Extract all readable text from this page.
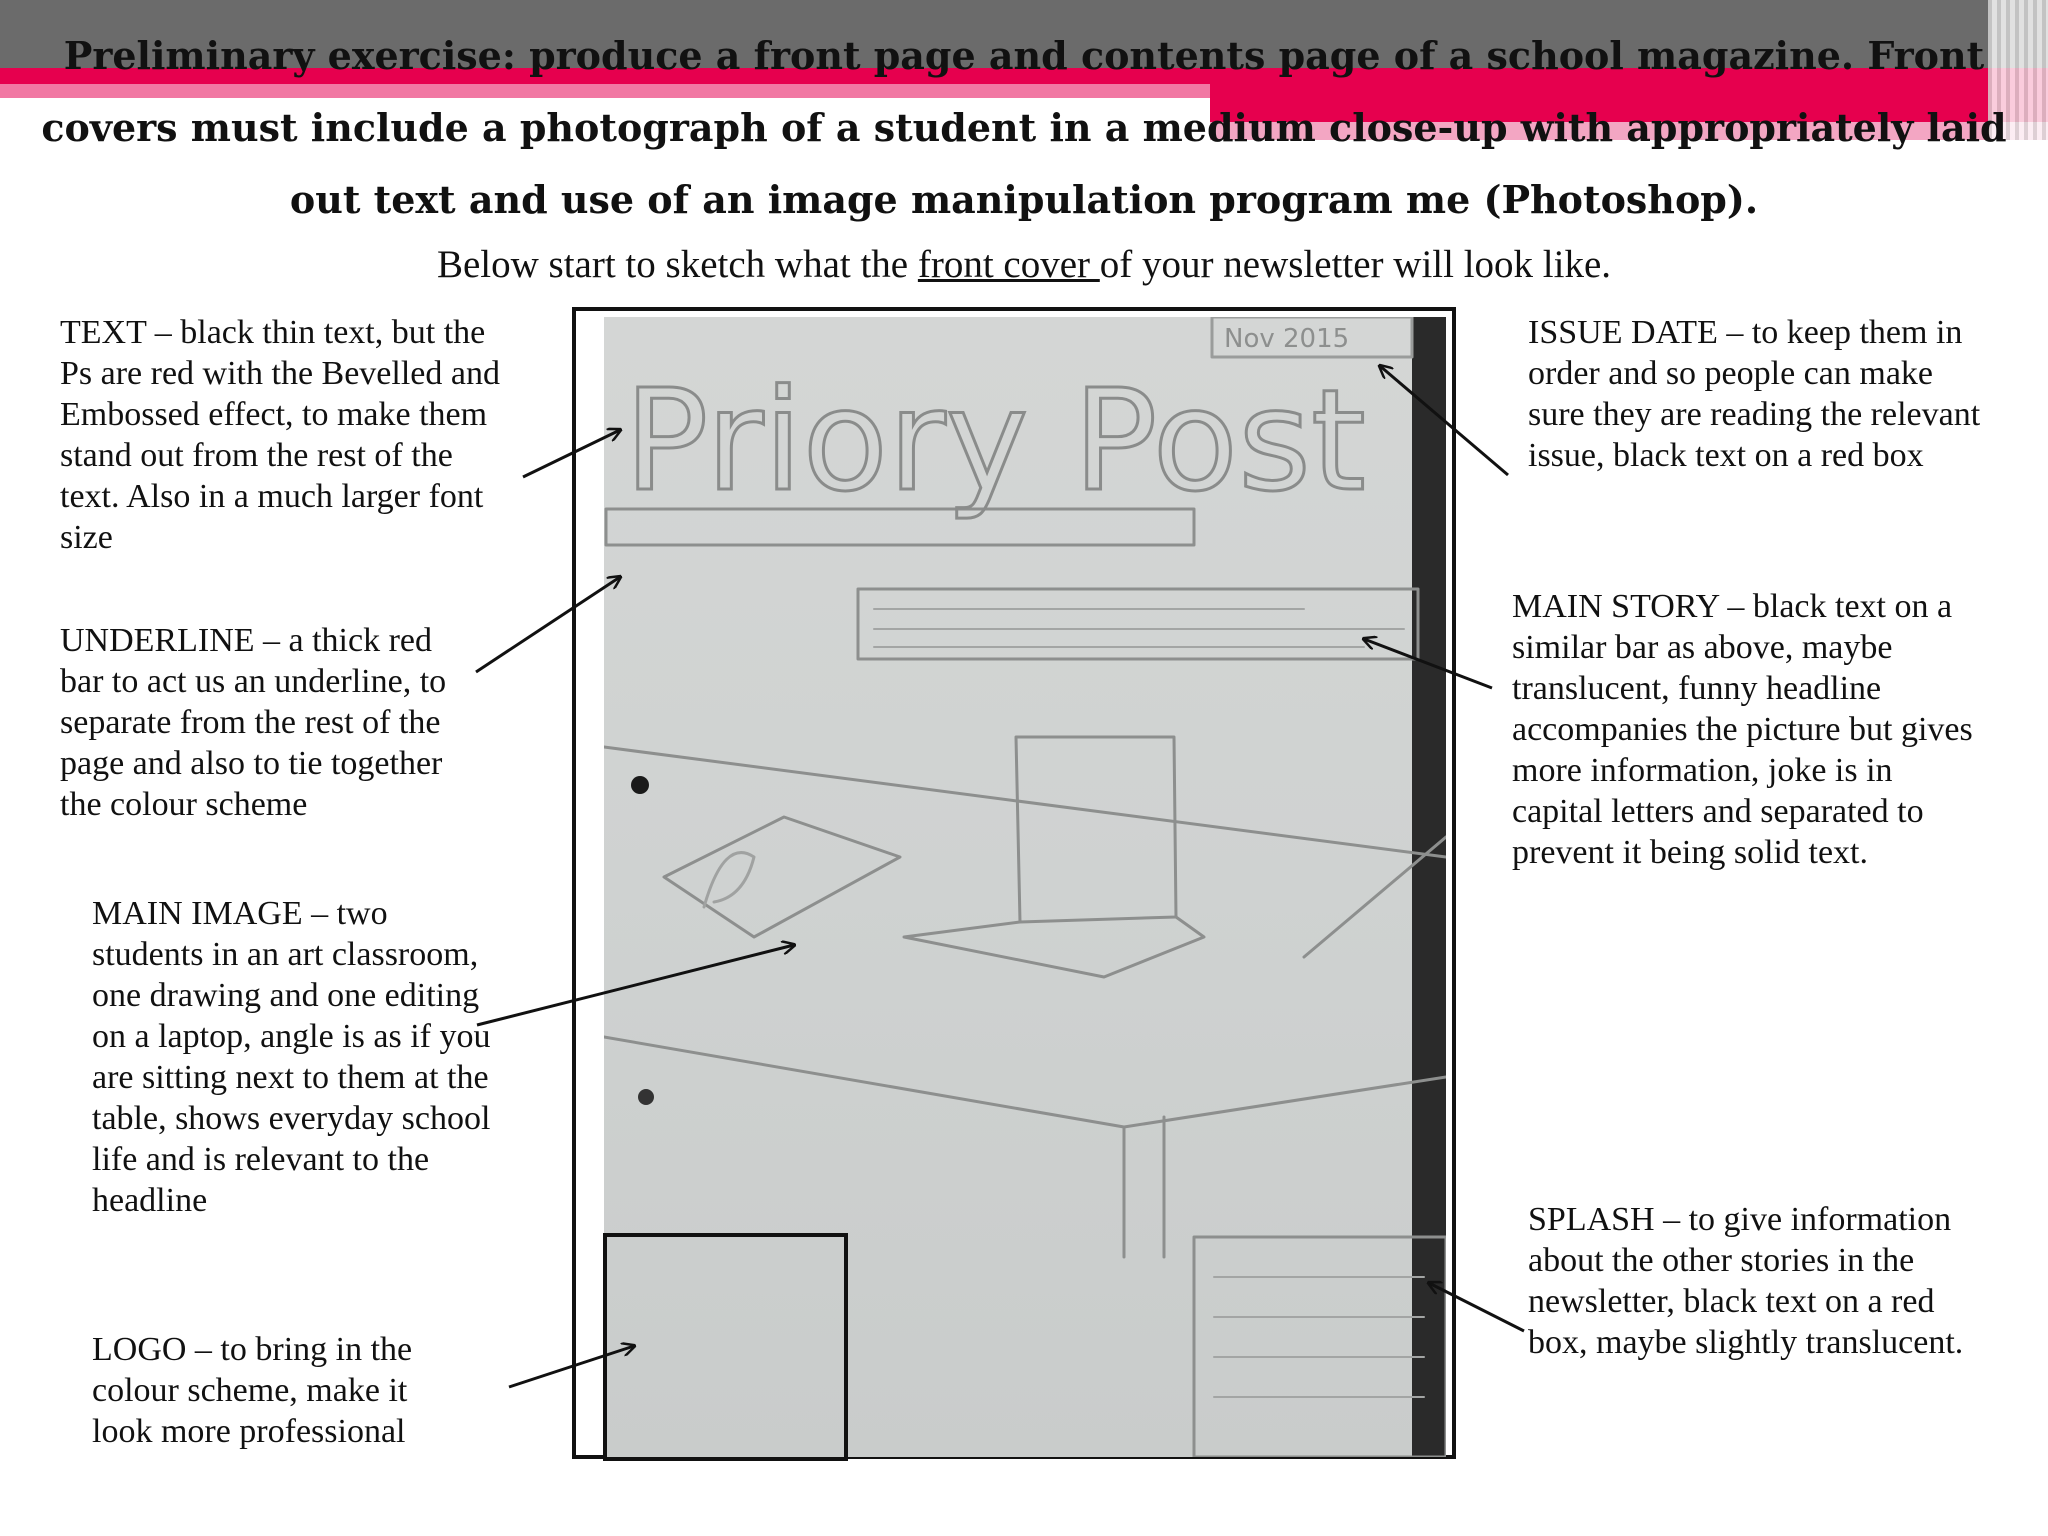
Preliminary exercise: produce a front page and contents page of a school magazine. Front covers must include a photograph of a student in a medium close-up with appropriately laid out text and use of an image manipulation program me (Photoshop).
Below start to sketch what the front cover of your newsletter will look like.

TEXT – black thin text, but the Ps are red with the Bevelled and Embossed effect, to make them stand out from the rest of the text. Also in a much larger font size

UNDERLINE – a thick red bar to act us an underline, to separate from the rest of the page and also to tie together the colour scheme

MAIN IMAGE – two students in an art classroom, one drawing and one editing on a laptop, angle is as if you are sitting next to them at the table, shows everyday school life and is relevant to the headline

LOGO – to bring in the colour scheme, make it look more professional

ISSUE DATE – to keep them in order and so people can make sure they are reading the relevant issue, black text on a red box

MAIN STORY – black text on a similar bar as above, maybe translucent, funny headline accompanies the picture but gives more information, joke is in capital letters and separated to prevent it being solid text.

SPLASH – to give information about the other stories in the newsletter, black text on a red box, maybe slightly translucent.

Priory Post
Nov 2015
